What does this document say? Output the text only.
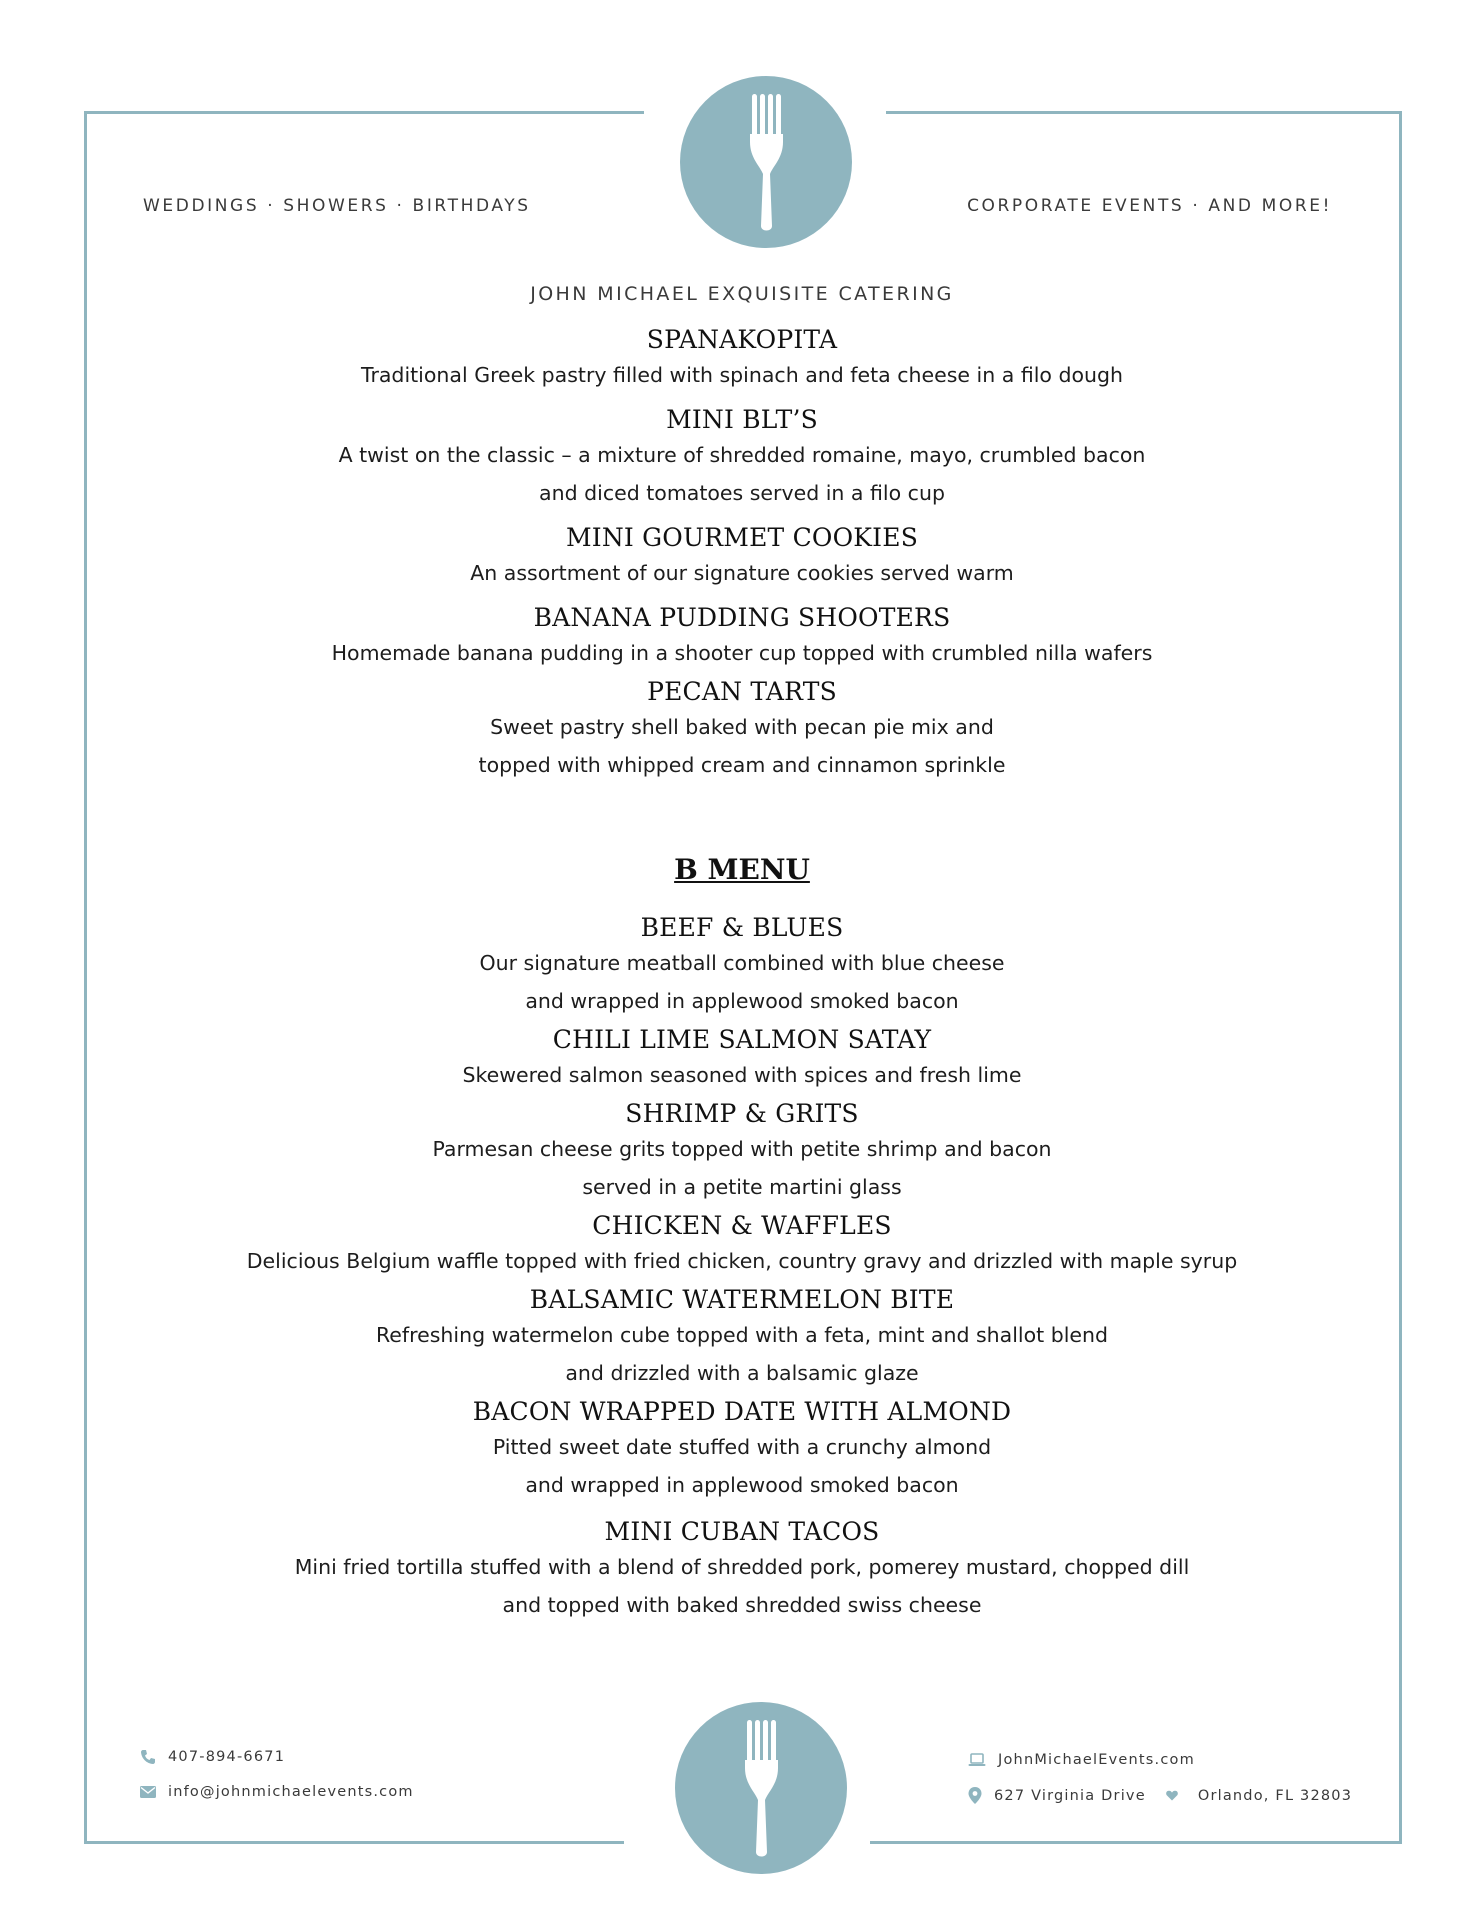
WEDDINGS · SHOWERS · BIRTHDAYS	CORPORATE EVENTS · AND MORE!
JOHN MICHAEL EXQUISITE CATERING
SPANAKOPITA
Traditional Greek pastry filled with spinach and feta cheese in a filo dough
MINI BLT’S
A twist on the classic – a mixture of shredded romaine, mayo, crumbled bacon
and diced tomatoes served in a filo cup
MINI GOURMET COOKIES
An assortment of our signature cookies served warm
BANANA PUDDING SHOOTERS
Homemade banana pudding in a shooter cup topped with crumbled nilla wafers
PECAN TARTS
Sweet pastry shell baked with pecan pie mix and
topped with whipped cream and cinnamon sprinkle
B MENU
BEEF & BLUES
Our signature meatball combined with blue cheese
and wrapped in applewood smoked bacon
CHILI LIME SALMON SATAY
Skewered salmon seasoned with spices and fresh lime
SHRIMP & GRITS
Parmesan cheese grits topped with petite shrimp and bacon
served in a petite martini glass
CHICKEN & WAFFLES
Delicious Belgium waffle topped with fried chicken, country gravy and drizzled with maple syrup
BALSAMIC WATERMELON BITE
Refreshing watermelon cube topped with a feta, mint and shallot blend
and drizzled with a balsamic glaze
BACON WRAPPED DATE WITH ALMOND
Pitted sweet date stuffed with a crunchy almond
and wrapped in applewood smoked bacon
MINI CUBAN TACOS
Mini fried tortilla stuffed with a blend of shredded pork, pomerey mustard, chopped dill
and topped with baked shredded swiss cheese
407-894-6671
info@johnmichaelevents.com
JohnMichaelEvents.com
627 Virginia Drive	Orlando, FL 32803
